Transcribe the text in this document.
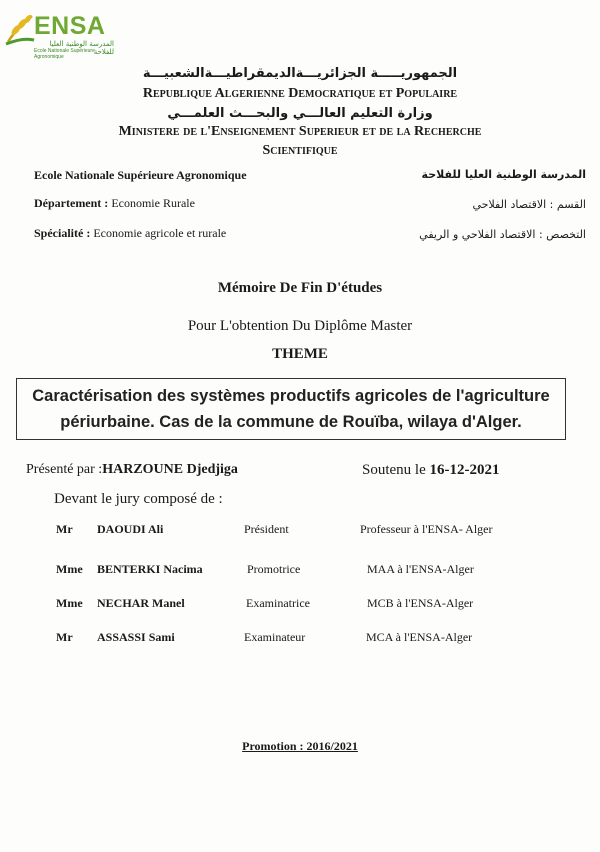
ENSA
المدرسة الوطنية العليا للفلاحة
Ecole Nationale Supérieure Agronomique
الجمهوريـــــة الجزائريـــةالديمقراطيـــةالشعبيـــة
Republique Algerienne Democratique et Populaire
وزارة التعليم العالـــي والبحـــث العلمـــي
Ministere de l'Enseignement Superieur et de la Recherche
Scientifique
Ecole Nationale Supérieure Agronomique	المدرسة الوطنية العليا للفلاحة
Département : Economie Rurale	القسم : الاقتصاد الفلاحي
Spécialité : Economie agricole et rurale	التخصص : الاقتصاد الفلاحي و الريفي
Mémoire De Fin D'études
Pour L'obtention Du Diplôme Master
THEME
Caractérisation des systèmes productifs agricoles de l'agriculture périurbaine. Cas de la commune de Rouïba, wilaya d'Alger.
Présenté par :HARZOUNE Djedjiga	Soutenu le 16-12-2021
Devant le jury composé de :
Mr DAOUDI Ali	Président	Professeur à l'ENSA- Alger
Mme BENTERKI Nacima	Promotrice	MAA à l'ENSA-Alger
Mme NECHAR Manel	Examinatrice	MCB à l'ENSA-Alger
Mr ASSASSI Sami	Examinateur	MCA à l'ENSA-Alger
Promotion : 2016/2021
